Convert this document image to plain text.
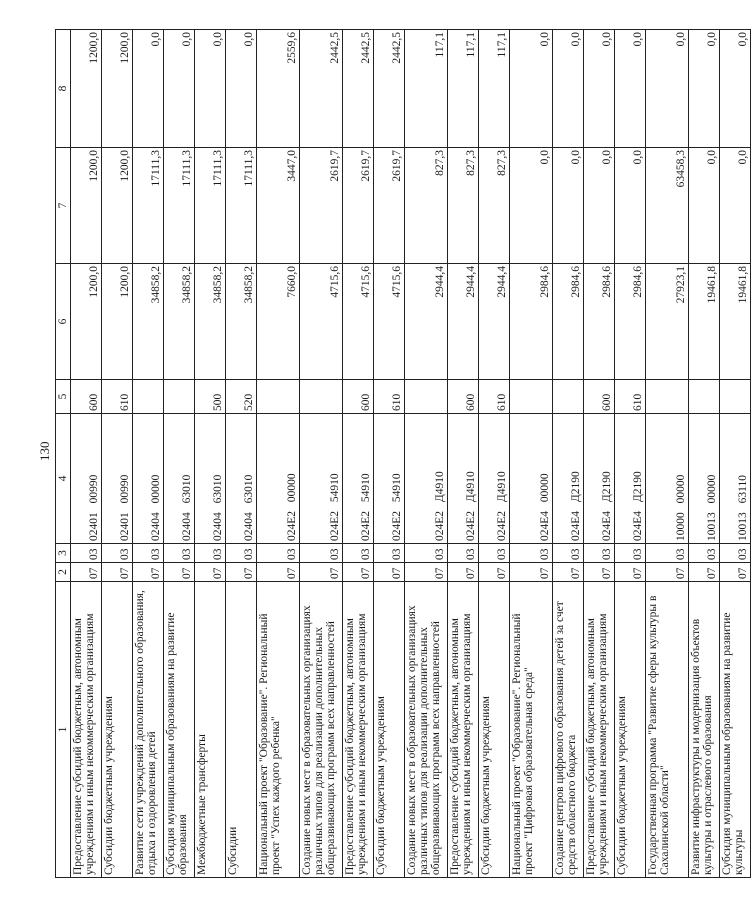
130
1	2	3	4	5	6	7	8
Предоставление субсидий бюджетным, автономным учреждениям и иным некоммерческим организациям	07	03	02401 00990	600	1200,0	1200,0	1200,0
Субсидии бюджетным учреждениям	07	03	02401 00990	610	1200,0	1200,0	1200,0
Развитие сети учреждений дополнительного образования, отдыха и оздоровления детей	07	03	02404 00000		34858,2	17111,3	0,0
Субсидия муниципальным образованиям на развитие образования	07	03	02404 63010		34858,2	17111,3	0,0
Межбюджетные трансферты	07	03	02404 63010	500	34858,2	17111,3	0,0
Субсидии	07	03	02404 63010	520	34858,2	17111,3	0,0
Национальный проект "Образование". Региональный проект "Успех каждого ребенка"	07	03	024E2 00000		7660,0	3447,0	2559,6
Создание новых мест в образовательных организациях различных типов для реализации дополнительных общеразвивающих программ всех направленностей	07	03	024E2 54910		4715,6	2619,7	2442,5
Предоставление субсидий бюджетным, автономным учреждениям и иным некоммерческим организациям	07	03	024E2 54910	600	4715,6	2619,7	2442,5
Субсидии бюджетным учреждениям	07	03	024E2 54910	610	4715,6	2619,7	2442,5
Создание новых мест в образовательных организациях различных типов для реализации дополнительных общеразвивающих программ всех направленностей	07	03	024E2 Д4910		2944,4	827,3	117,1
Предоставление субсидий бюджетным, автономным учреждениям и иным некоммерческим организациям	07	03	024E2 Д4910	600	2944,4	827,3	117,1
Субсидии бюджетным учреждениям	07	03	024E2 Д4910	610	2944,4	827,3	117,1
Национальный проект "Образование". Региональный проект "Цифровая образовательная среда"	07	03	024E4 00000		2984,6	0,0	0,0
Создание центров цифрового образования детей за счет средств областного бюджета	07	03	024E4 Д2190		2984,6	0,0	0,0
Предоставление субсидий бюджетным, автономным учреждениям и иным некоммерческим организациям	07	03	024E4 Д2190	600	2984,6	0,0	0,0
Субсидии бюджетным учреждениям	07	03	024E4 Д2190	610	2984,6	0,0	0,0
Государственная программа "Развитие сферы культуры в Сахалинской области"	07	03	10000 00000		27923,1	63458,3	0,0
Развитие инфраструктуры и модернизация объектов культуры и отраслевого образования	07	03	10013 00000		19461,8	0,0	0,0
Субсидия муниципальным образованиям на развитие культуры	07	03	10013 63110		19461,8	0,0	0,0
